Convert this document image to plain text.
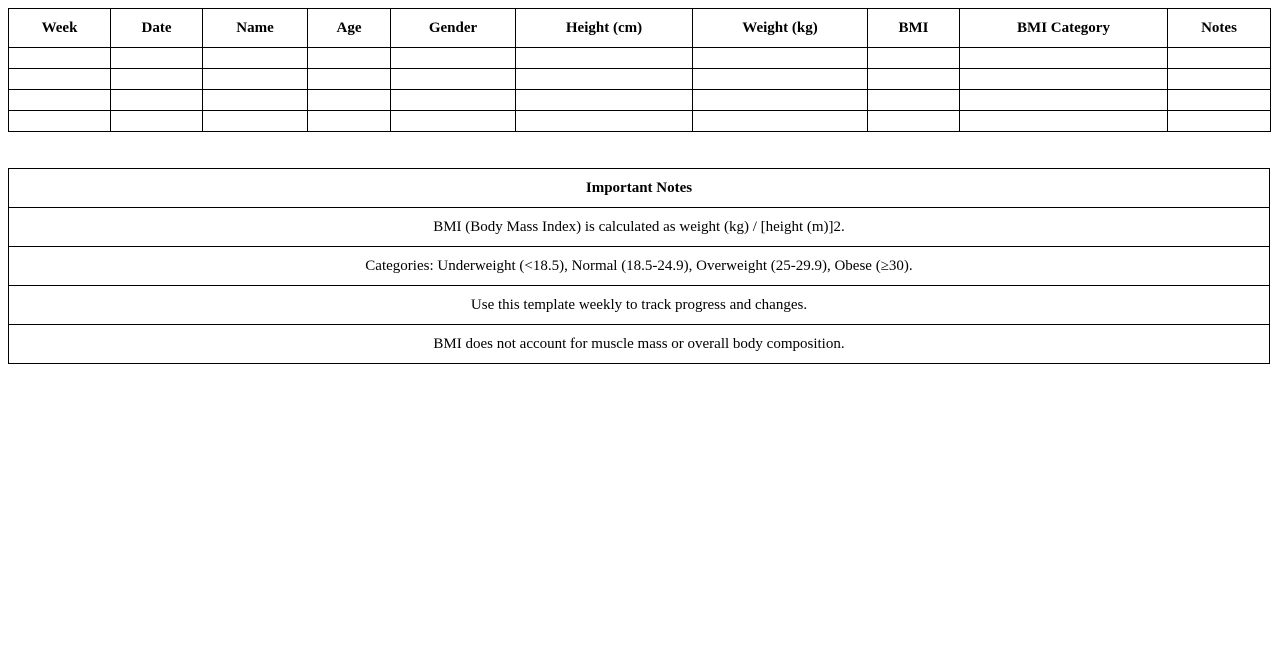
Week	Date	Name	Age	Gender	Height (cm)	Weight (kg)	BMI	BMI Category	Notes

Important Notes
BMI (Body Mass Index) is calculated as weight (kg) / [height (m)]2.
Categories: Underweight (<18.5), Normal (18.5-24.9), Overweight (25-29.9), Obese (≥30).
Use this template weekly to track progress and changes.
BMI does not account for muscle mass or overall body composition.
